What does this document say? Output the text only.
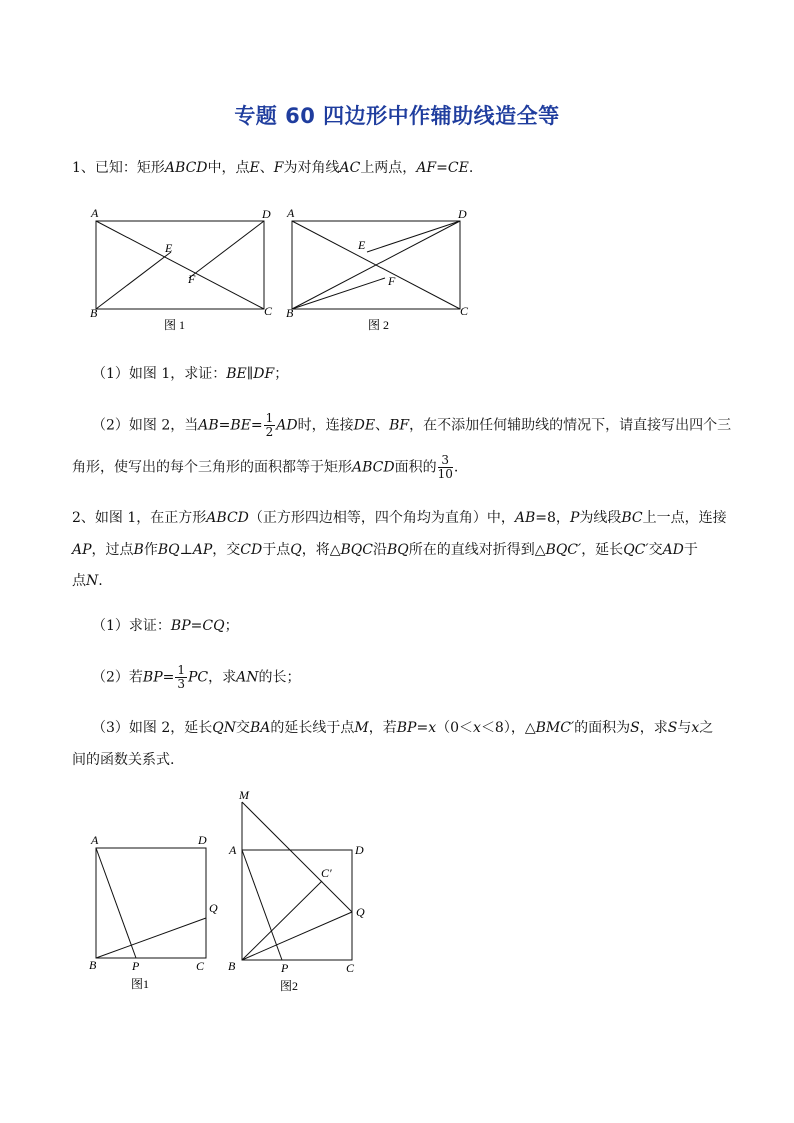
专题 60 四边形中作辅助线造全等
1、已知：矩形ABCD中，点E、F为对角线AC上两点，AF=CE.
A	D
B	C
E
F
图 1
A	D
B	C
E
F
图 2
（1）如图 1，求证：BE∥DF；
（2）如图 2，当$AB=BE= \frac{1}{2}$ AD时，连接DE、BF，在不添加任何辅助线的情况下，请直接写出四个三
角形，使写出的每个三角形的面积都等于矩形ABCD面积的 $\frac{3}{10}$ .
2、如图 1，在正方形ABCD（正方形四边相等，四个角均为直角）中，AB=8，P为线段BC上一点，连接
AP，过点B作BQ⊥AP，交CD于点Q，将△BQC沿BQ所在的直线对折得到△BQC′，延长QC′交AD于
点N.
（1）求证：BP=CQ；
（2）若$BP= \frac{1}{3}$ PC，求AN的长；
（3）如图 2，延长QN交BA的延长线于点M，若BP=x（0＜x＜8），△BMC′的面积为S，求S与x之
间的函数关系式.
A	D
B	P	C
Q
图1
M
A	D
C′
Q
B	P	C
图2
